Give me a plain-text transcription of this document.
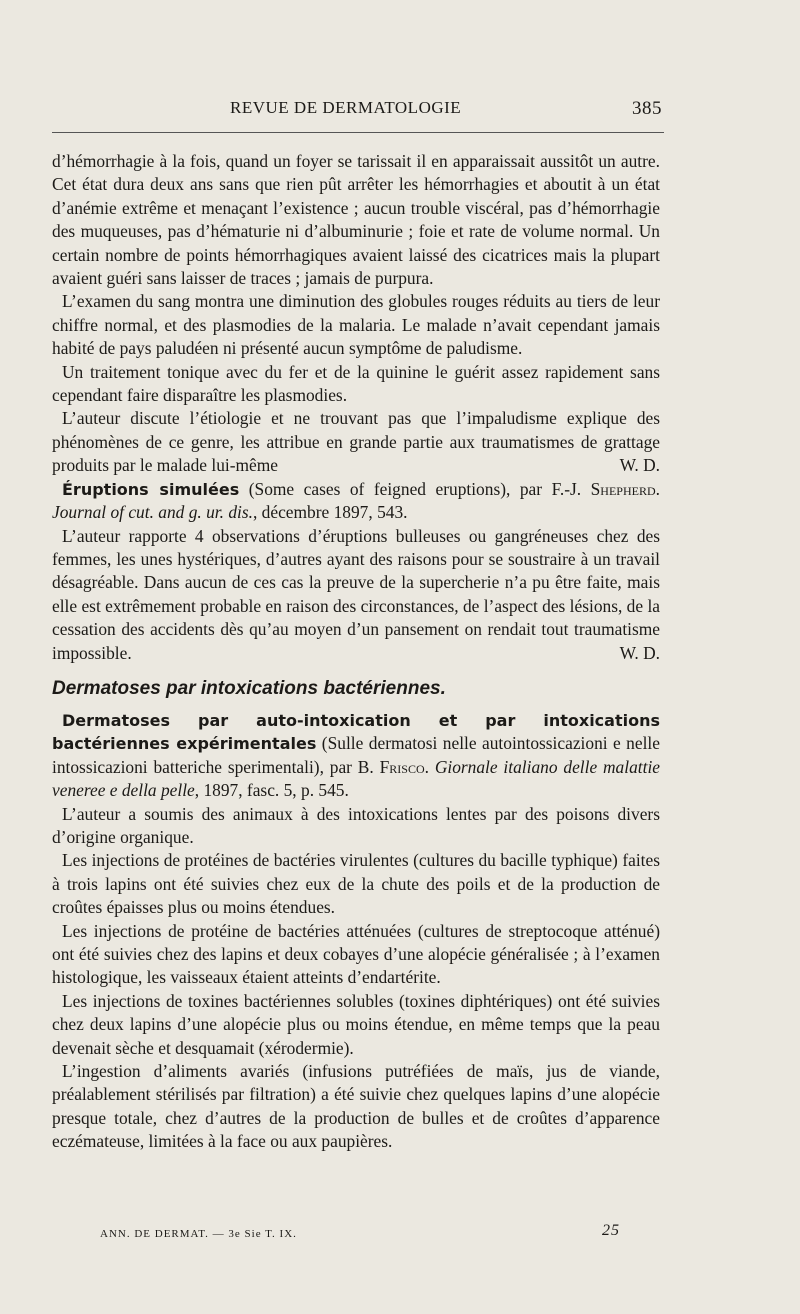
REVUE DE DERMATOLOGIE	385

d’hémorrhagie à la fois, quand un foyer se tarissait il en apparaissait aussitôt un autre. Cet état dura deux ans sans que rien pût arrêter les hémorrhagies et aboutit à un état d’anémie extrême et menaçant l’existence ; aucun trouble viscéral, pas d’hémorrhagie des muqueuses, pas d’hématurie ni d’albuminurie ; foie et rate de volume normal. Un certain nombre de points hémorrhagiques avaient laissé des cicatrices mais la plupart avaient guéri sans laisser de traces ; jamais de purpura.

L’examen du sang montra une diminution des globules rouges réduits au tiers de leur chiffre normal, et des plasmodies de la malaria. Le malade n’avait cependant jamais habité de pays paludéen ni présenté aucun symptôme de paludisme.

Un traitement tonique avec du fer et de la quinine le guérit assez rapidement sans cependant faire disparaître les plasmodies.

L’auteur discute l’étiologie et ne trouvant pas que l’impaludisme explique des phénomènes de ce genre, les attribue en grande partie aux traumatismes de grattage produits par le malade lui-même	W. D.

Éruptions simulées (Some cases of feigned eruptions), par F.-J. Shepherd. Journal of cut. and g. ur. dis., décembre 1897, 543.

L’auteur rapporte 4 observations d’éruptions bulleuses ou gangréneuses chez des femmes, les unes hystériques, d’autres ayant des raisons pour se soustraire à un travail désagréable. Dans aucun de ces cas la preuve de la supercherie n’a pu être faite, mais elle est extrêmement probable en raison des circonstances, de l’aspect des lésions, de la cessation des accidents dès qu’au moyen d’un pansement on rendait tout traumatisme impossible.	W. D.

Dermatoses par intoxications bactériennes.

Dermatoses par auto-intoxication et par intoxications bactériennes expérimentales (Sulle dermatosi nelle autointossicazioni e nelle intossicazioni batteriche sperimentali), par B. Frisco. Giornale italiano delle malattie veneree e della pelle, 1897, fasc. 5, p. 545.

L’auteur a soumis des animaux à des intoxications lentes par des poisons divers d’origine organique.

Les injections de protéines de bactéries virulentes (cultures du bacille typhique) faites à trois lapins ont été suivies chez eux de la chute des poils et de la production de croûtes épaisses plus ou moins étendues.

Les injections de protéine de bactéries atténuées (cultures de streptocoque atténué) ont été suivies chez des lapins et deux cobayes d’une alopécie généralisée ; à l’examen histologique, les vaisseaux étaient atteints d’endartérite.

Les injections de toxines bactériennes solubles (toxines diphtériques) ont été suivies chez deux lapins d’une alopécie plus ou moins étendue, en même temps que la peau devenait sèche et desquamait (xérodermie).

L’ingestion d’aliments avariés (infusions putréfiées de maïs, jus de viande, préalablement stérilisés par filtration) a été suivie chez quelques lapins d’une alopécie presque totale, chez d’autres de la production de bulles et de croûtes d’apparence eczémateuse, limitées à la face ou aux paupières.

ANN. DE DERMAT. — 3e Sie T. IX.	25
